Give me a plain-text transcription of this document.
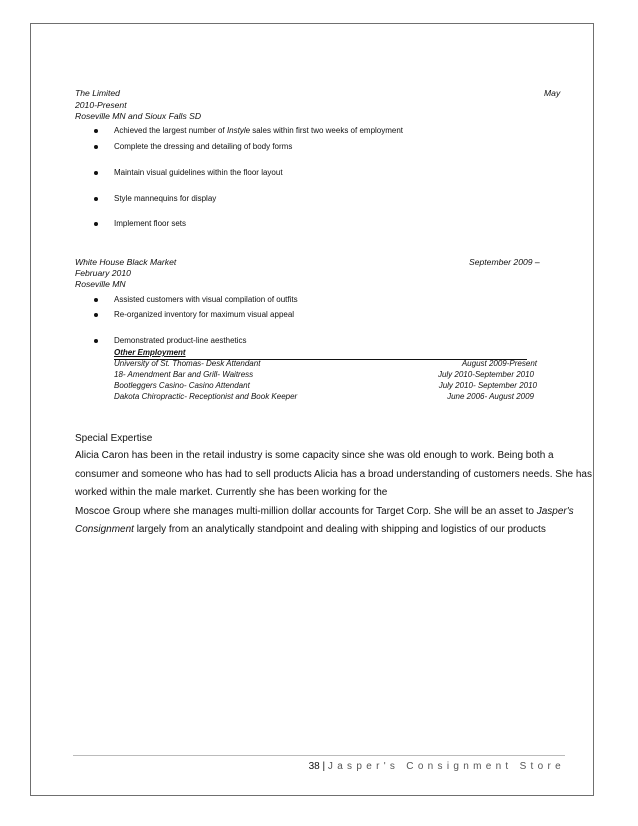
The Limited	May
2010-Present
Roseville MN and Sioux Falls SD
Achieved the largest number of Instyle sales within first two weeks of employment
Complete the dressing and detailing of body forms
Maintain visual guidelines within the floor layout
Style mannequins for display
Implement floor sets
White House Black Market	September 2009 –
February 2010
Roseville MN
Assisted customers with visual compilation of outfits
Re-organized inventory for maximum visual appeal
Demonstrated product-line aesthetics
Other Employment
University of St. Thomas- Desk Attendant	August 2009-Present
18- Amendment Bar and Grill- Waitress	July 2010-September 2010
Bootleggers Casino- Casino Attendant	July 2010- September 2010
Dakota Chiropractic- Receptionist and Book Keeper	June 2006- August 2009
Special Expertise
Alicia Caron has been in the retail industry is some capacity since she was old enough to work. Being both a
consumer and someone who has had to sell products Alicia has a broad understanding of customers needs. She has
worked within the male market. Currently she has been working for the
Moscoe Group where she manages multi-million dollar accounts for Target Corp. She will be an asset to Jasper's
Consignment largely from an analytically standpoint and dealing with shipping and logistics of our products
38 | Jasper's Consignment Store
